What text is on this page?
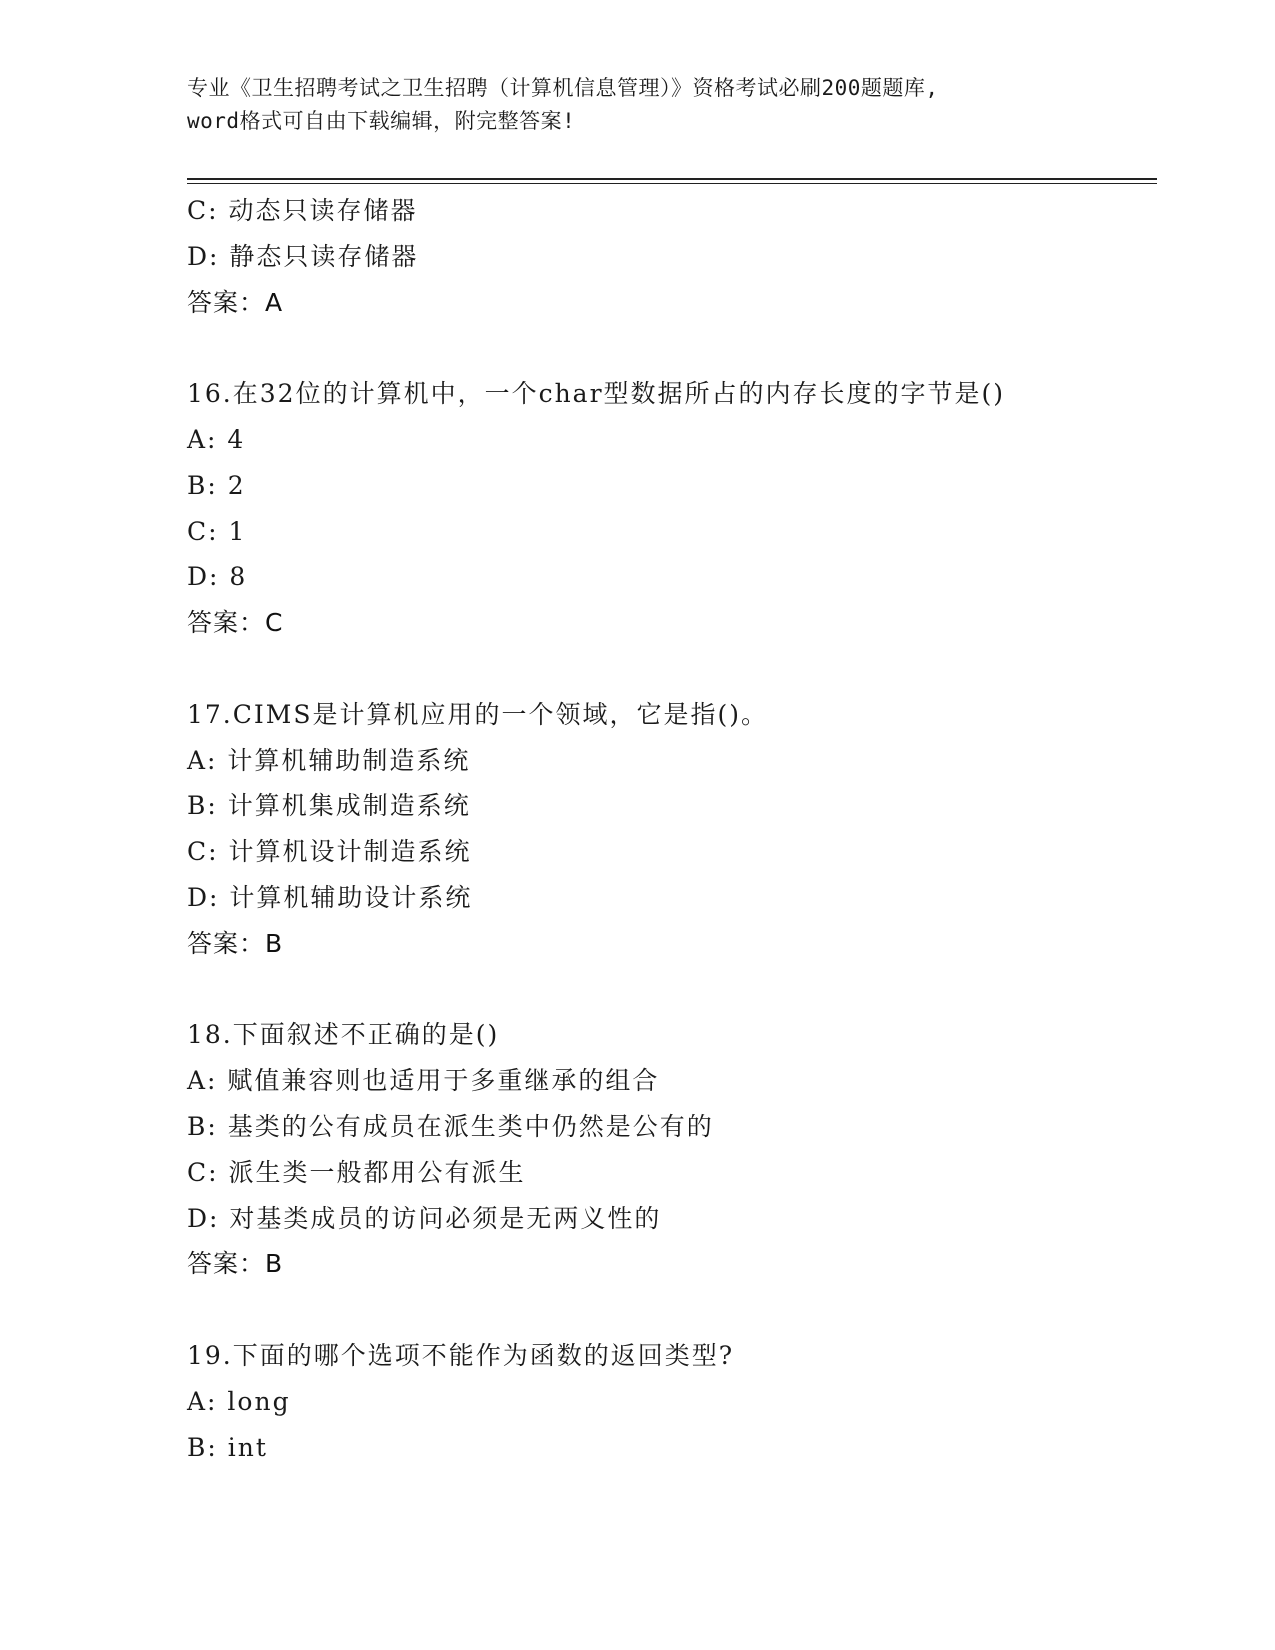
专业《卫生招聘考试之卫生招聘（计算机信息管理）》资格考试必刷200题题库,
word格式可自由下载编辑，附完整答案!
C: 动态只读存储器
D: 静态只读存储器
答案：A
16.在32位的计算机中，一个char型数据所占的内存长度的字节是()
A: 4
B: 2
C: 1
D: 8
答案：C
17.CIMS是计算机应用的一个领域，它是指()。
A: 计算机辅助制造系统
B: 计算机集成制造系统
C: 计算机设计制造系统
D: 计算机辅助设计系统
答案：B
18.下面叙述不正确的是()
A: 赋值兼容则也适用于多重继承的组合
B: 基类的公有成员在派生类中仍然是公有的
C: 派生类一般都用公有派生
D: 对基类成员的访问必须是无两义性的
答案：B
19.下面的哪个选项不能作为函数的返回类型?
A: long
B: int
